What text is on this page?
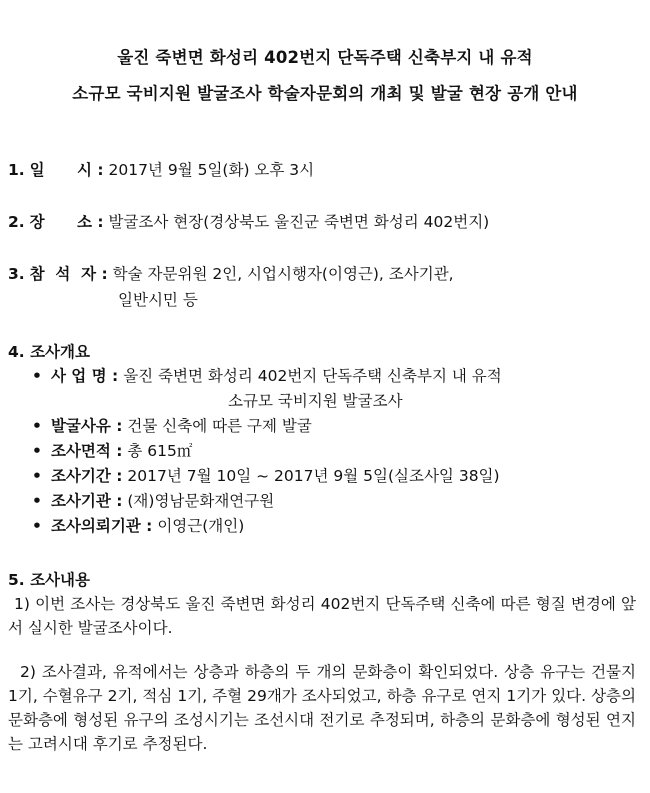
울진 죽변면 화성리 402번지 단독주택 신축부지 내 유적
소규모 국비지원 발굴조사 학술자문회의 개최 및 발굴 현장 공개 안내
1. 일      시 : 2017년 9월 5일(화) 오후 3시
2. 장      소 : 발굴조사 현장(경상북도 울진군 죽변면 화성리 402번지)
3. 참  석  자 : 학술 자문위원 2인, 시업시행자(이영근), 조사기관,
일반시민 등
4. 조사개요
• 사 업 명 : 울진 죽변면 화성리 402번지 단독주택 신축부지 내 유적
소규모 국비지원 발굴조사
• 발굴사유 : 건물 신축에 따른 구제 발굴
• 조사면적 : 총 615㎡
• 조사기간 : 2017년 7월 10일 ~ 2017년 9월 5일(실조사일 38일)
• 조사기관 : (재)영남문화재연구원
• 조사의뢰기관 : 이영근(개인)
5. 조사내용
1) 이번 조사는 경상북도 울진 죽변면 화성리 402번지 단독주택 신축에 따른 형질 변경에 앞서 실시한 발굴조사이다.
2) 조사결과, 유적에서는 상층과 하층의 두 개의 문화층이 확인되었다. 상층 유구는 건물지 1기, 수혈유구 2기, 적심 1기, 주혈 29개가 조사되었고, 하층 유구로 연지 1기가 있다. 상층의 문화층에 형성된 유구의 조성시기는 조선시대 전기로 추정되며, 하층의 문화층에 형성된 연지는 고려시대 후기로 추정된다.
